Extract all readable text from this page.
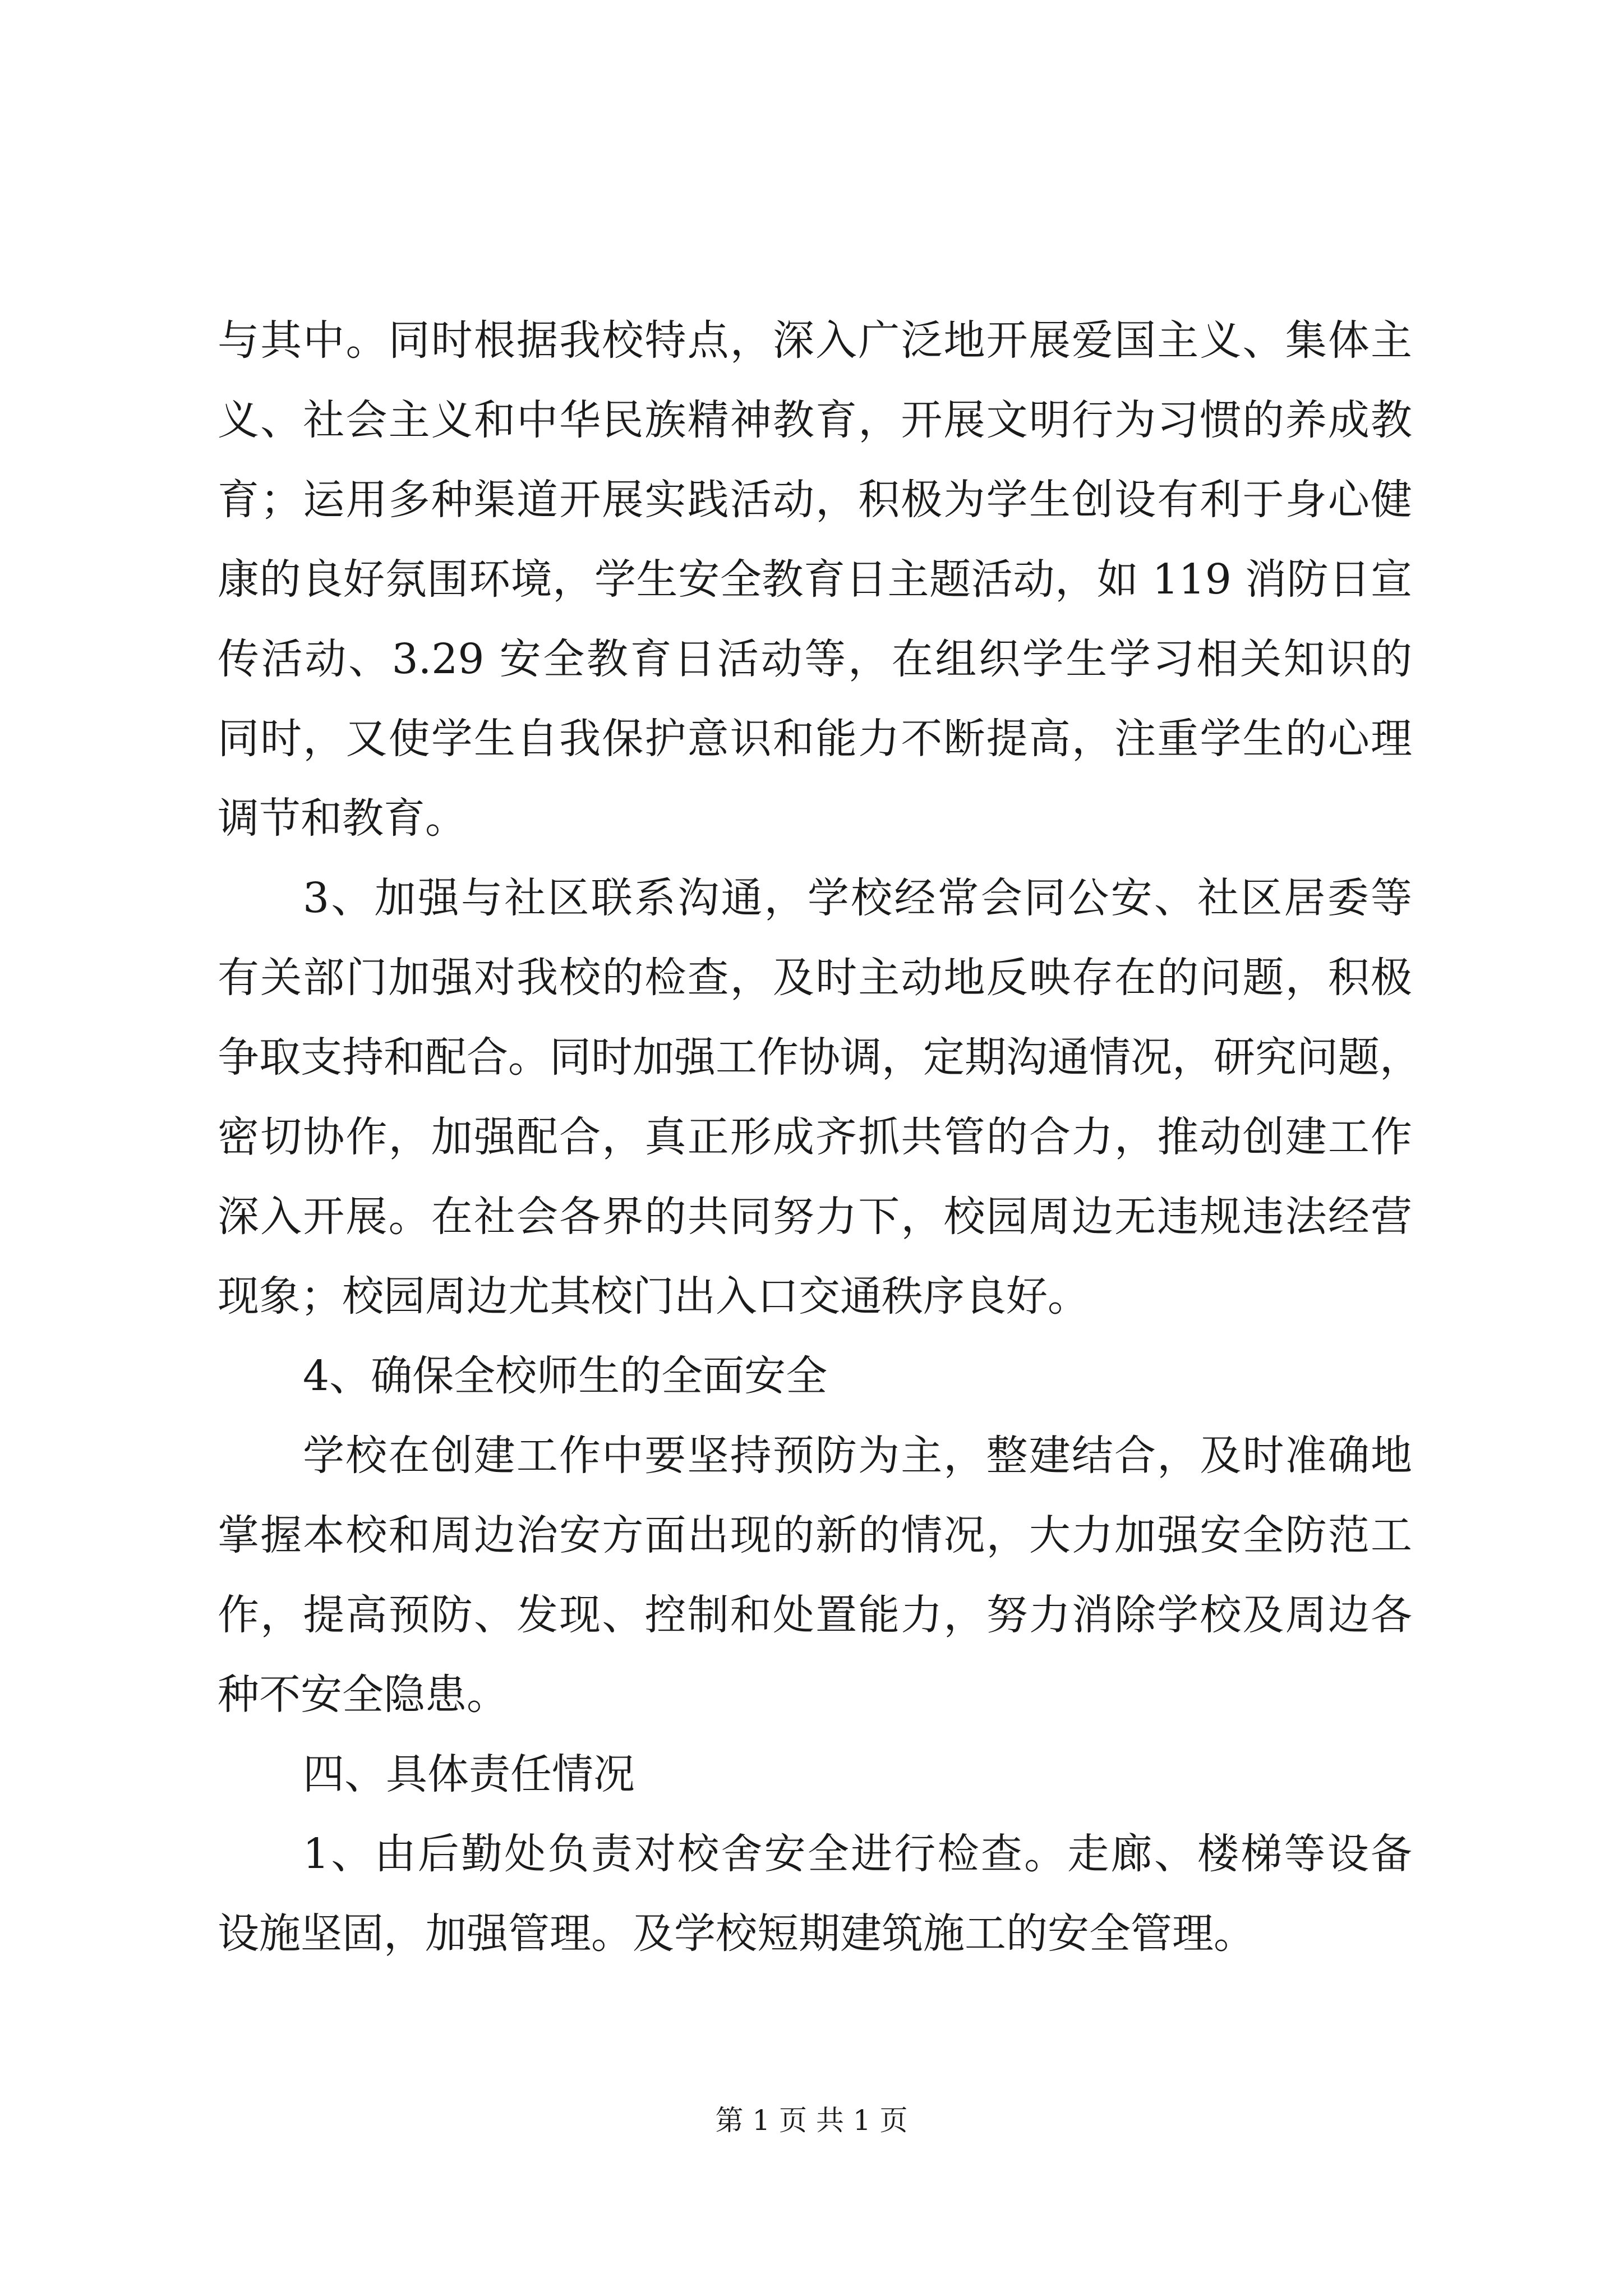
与其中。同时根据我校特点，深入广泛地开展爱国主义、集体主
义、社会主义和中华民族精神教育，开展文明行为习惯的养成教
育；运用多种渠道开展实践活动，积极为学生创设有利于身心健
康的良好氛围环境，学生安全教育日主题活动，如 119 消防日宣
传活动、3.29 安全教育日活动等，在组织学生学习相关知识的
同时，又使学生自我保护意识和能力不断提高，注重学生的心理
调节和教育。
3、加强与社区联系沟通，学校经常会同公安、社区居委等
有关部门加强对我校的检查，及时主动地反映存在的问题，积极
争取支持和配合。同时加强工作协调，定期沟通情况，研究问题，
密切协作，加强配合，真正形成齐抓共管的合力，推动创建工作
深入开展。在社会各界的共同努力下，校园周边无违规违法经营
现象；校园周边尤其校门出入口交通秩序良好。
4、确保全校师生的全面安全
学校在创建工作中要坚持预防为主，整建结合，及时准确地
掌握本校和周边治安方面出现的新的情况，大力加强安全防范工
作，提高预防、发现、控制和处置能力，努力消除学校及周边各
种不安全隐患。
四、具体责任情况
1、由后勤处负责对校舍安全进行检查。走廊、楼梯等设备
设施坚固，加强管理。及学校短期建筑施工的安全管理。
第 1 页 共 1 页
